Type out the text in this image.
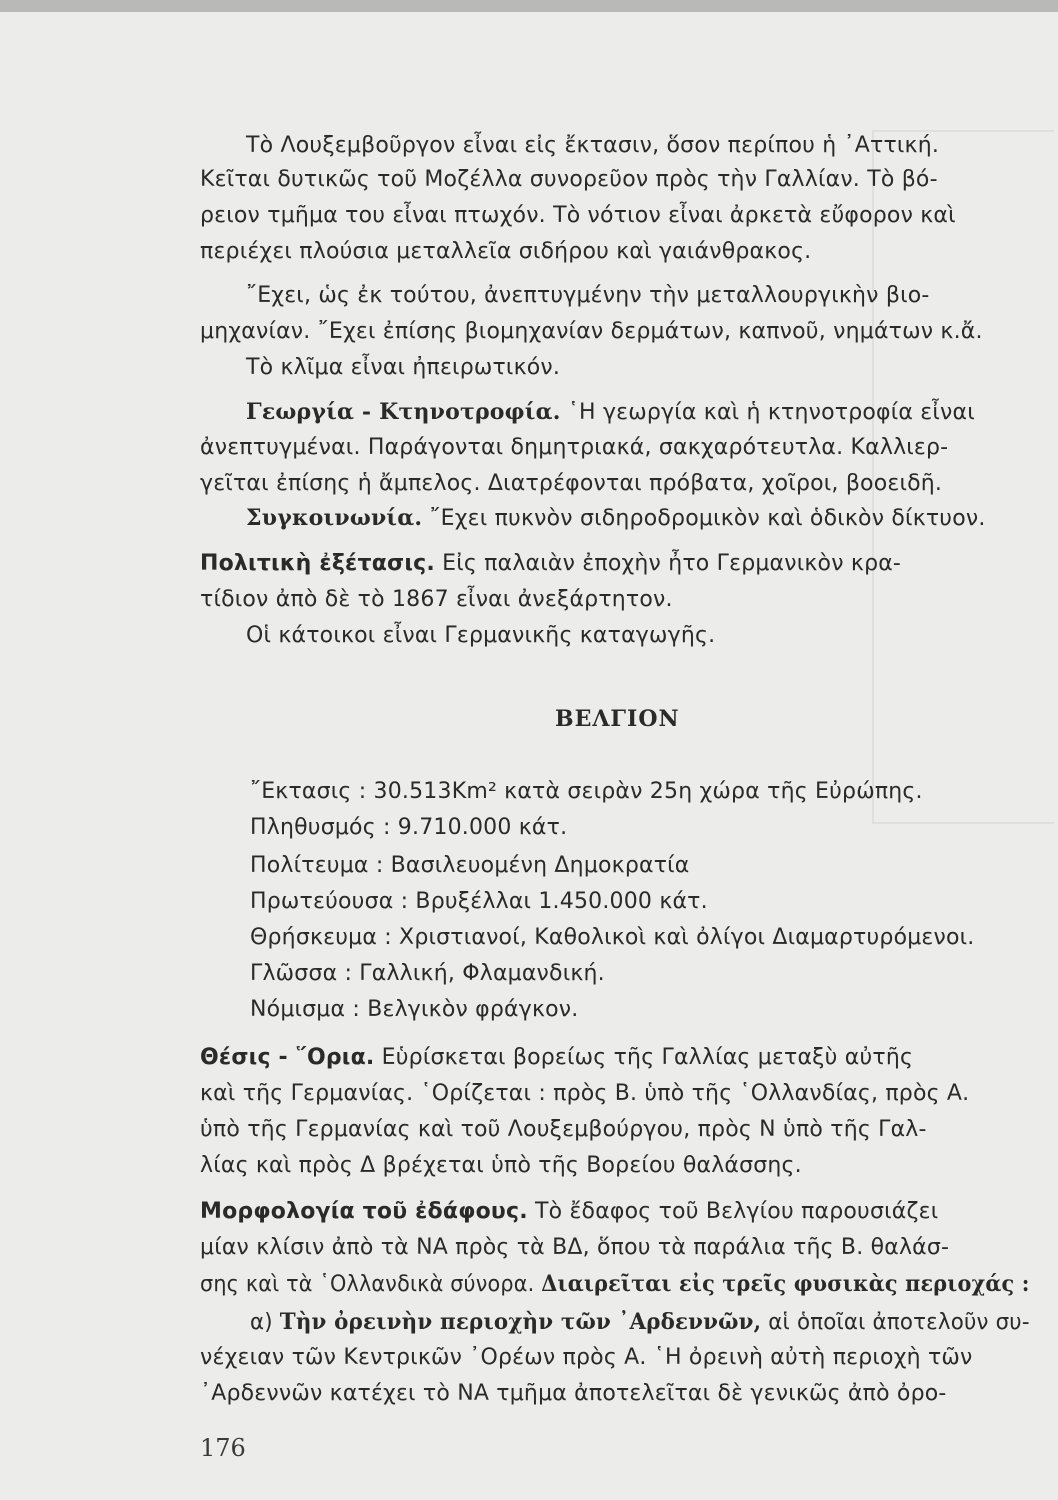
Τὸ Λουξεμβοῦργον εἶναι εἰς ἔκτασιν, ὅσον περίπου ἡ ᾿Αττική.
Κεῖται δυτικῶς τοῦ Μοζέλλα συνορεῦον πρὸς τὴν Γαλλίαν. Τὸ βό-
ρειον τμῆμα του εἶναι πτωχόν. Τὸ νότιον εἶναι ἀρκετὰ εὔφορον καὶ
περιέχει πλούσια μεταλλεῖα σιδήρου καὶ γαιάνθρακος.
῎Εχει, ὡς ἐκ τούτου, ἀνεπτυγμένην τὴν μεταλλουργικὴν βιο-
μηχανίαν. ῎Εχει ἐπίσης βιομηχανίαν δερμάτων, καπνοῦ, νημάτων κ.ἄ.
Τὸ κλῖμα εἶναι ἠπειρωτικόν.
Γεωργία - Κτηνοτροφία. ῾Η γεωργία καὶ ἡ κτηνοτροφία εἶναι
ἀνεπτυγμέναι. Παράγονται δημητριακά, σακχαρότευτλα. Καλλιερ-
γεῖται ἐπίσης ἡ ἄμπελος. Διατρέφονται πρόβατα, χοῖροι, βοοειδῆ.
Συγκοινωνία. ῎Εχει πυκνὸν σιδηροδρομικὸν καὶ ὁδικὸν δίκτυον.
Πολιτικὴ ἐξέτασις. Εἰς παλαιὰν ἐποχὴν ἦτο Γερμανικὸν κρα-
τίδιον ἀπὸ δὲ τὸ 1867 εἶναι ἀνεξάρτητον.
Οἱ κάτοικοι εἶναι Γερμανικῆς καταγωγῆς.
ΒΕΛΓΙΟΝ
῎Εκτασις : 30.513Km² κατὰ σειρὰν 25η χώρα τῆς Εὐρώπης.
Πληθυσμός : 9.710.000 κάτ.
Πολίτευμα : Βασιλευομένη Δημοκρατία
Πρωτεύουσα : Βρυξέλλαι 1.450.000 κάτ.
Θρήσκευμα : Χριστιανοί, Καθολικοὶ καὶ ὀλίγοι Διαμαρτυρόμενοι.
Γλῶσσα : Γαλλική, Φλαμανδική.
Νόμισμα : Βελγικὸν φράγκον.
Θέσις - ῞Ορια. Εὑρίσκεται βορείως τῆς Γαλλίας μεταξὺ αὐτῆς
καὶ τῆς Γερμανίας. ῾Ορίζεται : πρὸς Β. ὑπὸ τῆς ῾Ολλανδίας, πρὸς Α.
ὑπὸ τῆς Γερμανίας καὶ τοῦ Λουξεμβούργου, πρὸς Ν ὑπὸ τῆς Γαλ-
λίας καὶ πρὸς Δ βρέχεται ὑπὸ τῆς Βορείου θαλάσσης.
Μορφολογία τοῦ ἐδάφους. Τὸ ἔδαφος τοῦ Βελγίου παρουσιάζει
μίαν κλίσιν ἀπὸ τὰ ΝΑ πρὸς τὰ ΒΔ, ὅπου τὰ παράλια τῆς Β. θαλάσ-
σης καὶ τὰ ῾Ολλανδικὰ σύνορα. Διαιρεῖται εἰς τρεῖς φυσικὰς περιοχάς :
α) Τὴν ὀρεινὴν περιοχὴν τῶν ᾿Αρδεννῶν, αἱ ὁποῖαι ἀποτελοῦν συ-
νέχειαν τῶν Κεντρικῶν ᾿Ορέων πρὸς Α. ῾Η ὀρεινὴ αὐτὴ περιοχὴ τῶν
᾿Αρδεννῶν κατέχει τὸ ΝΑ τμῆμα ἀποτελεῖται δὲ γενικῶς ἀπὸ ὀρο-
176
